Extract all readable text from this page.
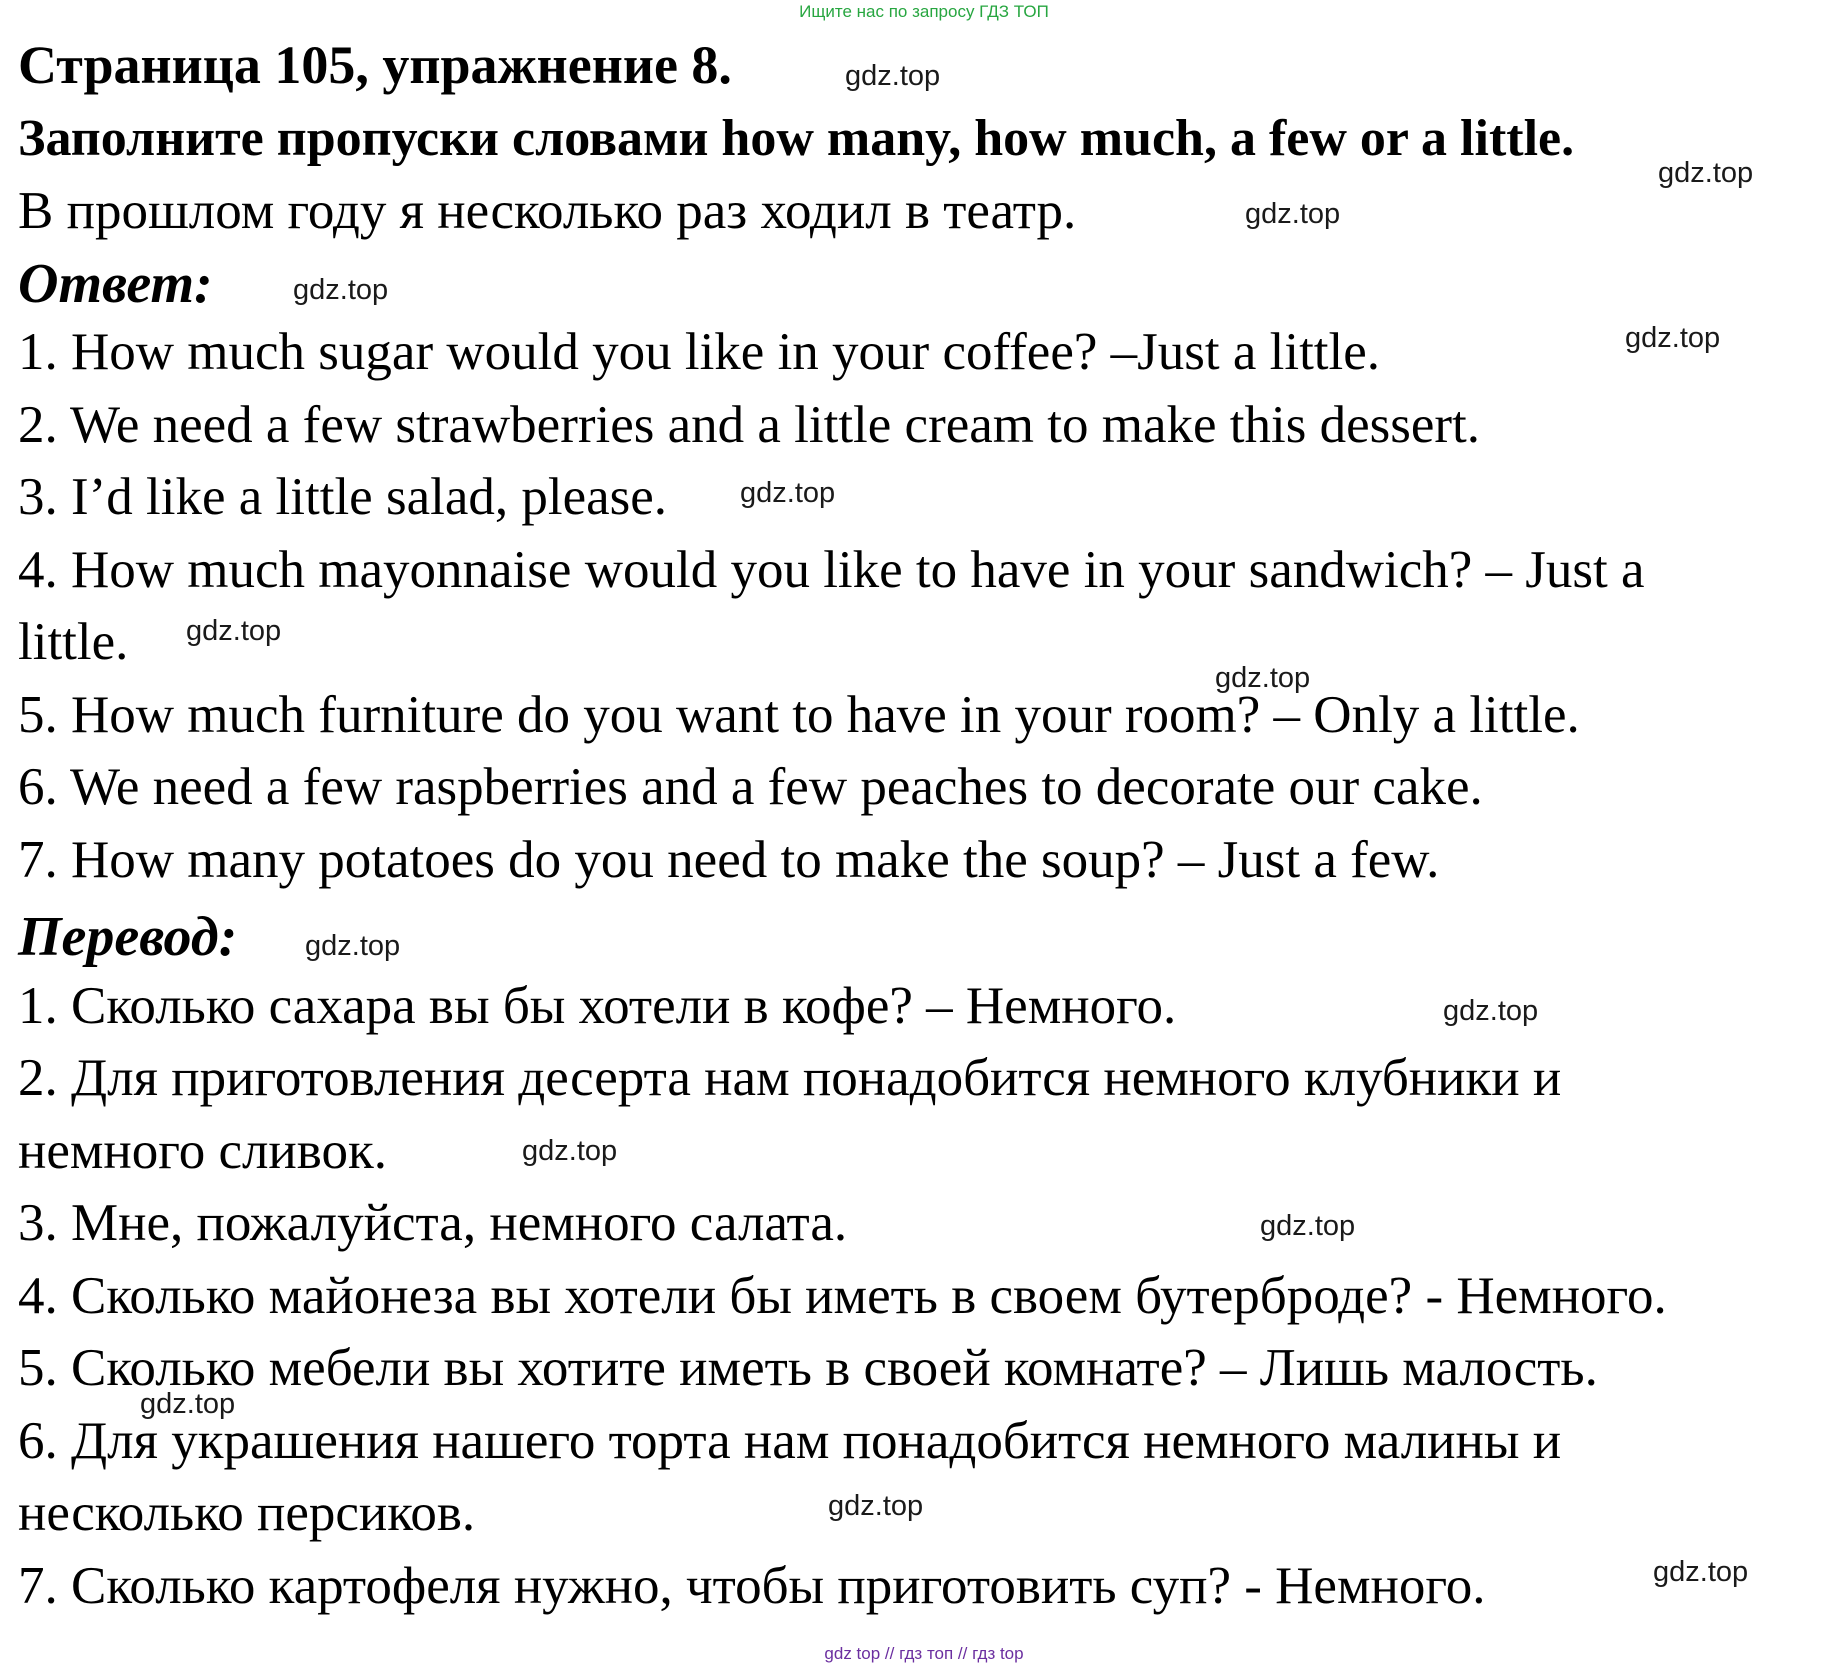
Ищите нас по запросу ГДЗ ТОП
Страница 105, упражнение 8.
Заполните пропуски словами how many, how much, a few or a little.
В прошлом году я несколько раз ходил в театр.
Ответ:
1. How much sugar would you like in your coffee? –Just a little.
2. We need a few strawberries and a little cream to make this dessert.
3. I’d like a little salad, please.
4. How much mayonnaise would you like to have in your sandwich? – Just a
little.
5. How much furniture do you want to have in your room? – Only a little.
6. We need a few raspberries and a few peaches to decorate our cake.
7. How many potatoes do you need to make the soup? – Just a few.
Перевод:
1. Сколько сахара вы бы хотели в кофе? – Немного.
2. Для приготовления десерта нам понадобится немного клубники и
немного сливок.
3. Мне, пожалуйста, немного салата.
4. Сколько майонеза вы хотели бы иметь в своем бутерброде? - Немного.
5. Сколько мебели вы хотите иметь в своей комнате? – Лишь малость.
6. Для украшения нашего торта нам понадобится немного малины и
несколько персиков.
7. Сколько картофеля нужно, чтобы приготовить суп? - Немного.
gdz.top
gdz.top
gdz.top
gdz.top
gdz.top
gdz.top
gdz.top
gdz.top
gdz.top
gdz.top
gdz.top
gdz.top
gdz.top
gdz.top
gdz.top
gdz top // гдз топ // гдз top
